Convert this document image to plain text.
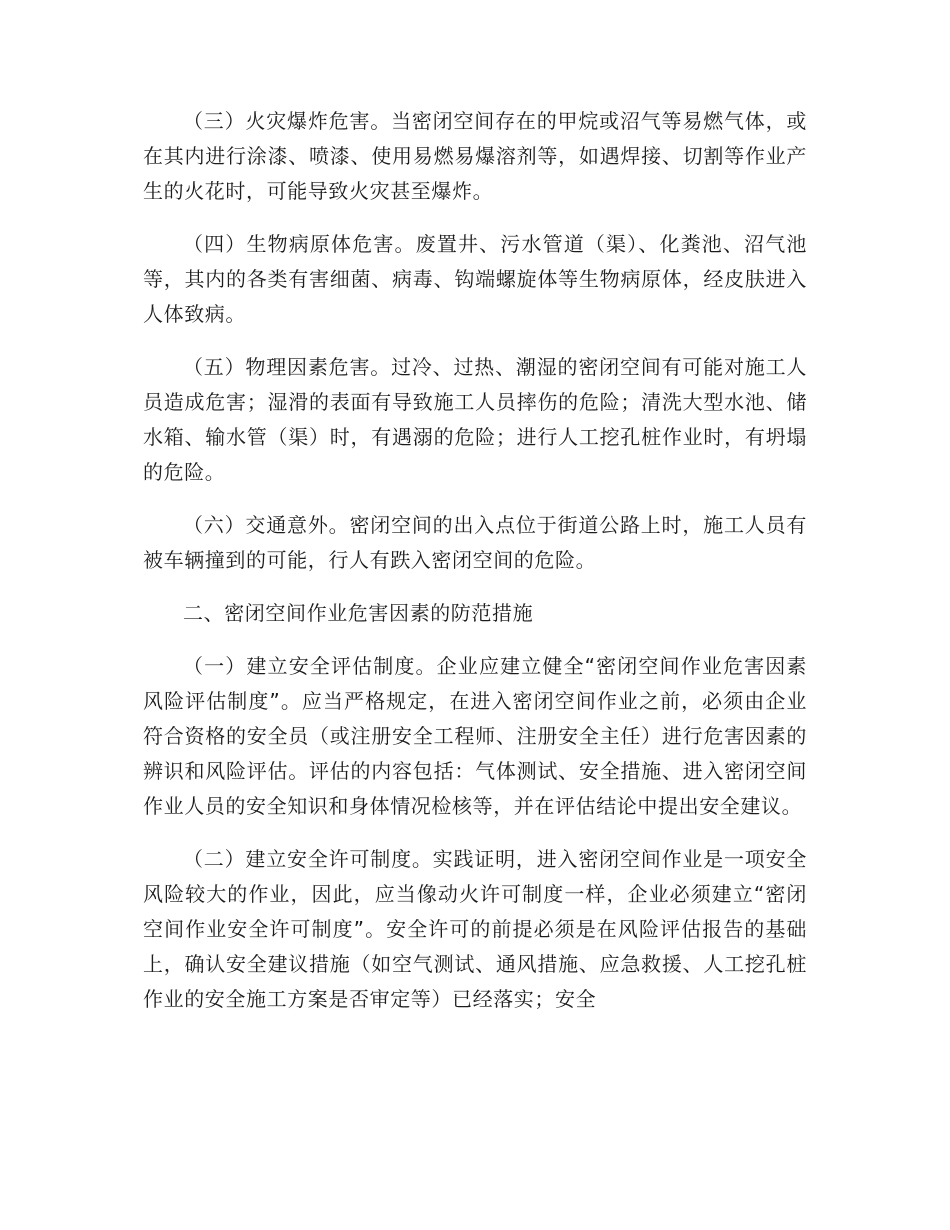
（三）火灾爆炸危害。当密闭空间存在的甲烷或沼气等易燃气体，或在其内进行涂漆、喷漆、使用易燃易爆溶剂等，如遇焊接、切割等作业产生的火花时，可能导致火灾甚至爆炸。

（四）生物病原体危害。废置井、污水管道（渠）、化粪池、沼气池等，其内的各类有害细菌、病毒、钩端螺旋体等生物病原体，经皮肤进入人体致病。

（五）物理因素危害。过冷、过热、潮湿的密闭空间有可能对施工人员造成危害；湿滑的表面有导致施工人员摔伤的危险；清洗大型水池、储水箱、输水管（渠）时，有遇溺的危险；进行人工挖孔桩作业时，有坍塌的危险。

（六）交通意外。密闭空间的出入点位于街道公路上时，施工人员有被车辆撞到的可能，行人有跌入密闭空间的危险。

二、密闭空间作业危害因素的防范措施

（一）建立安全评估制度。企业应建立健全“密闭空间作业危害因素风险评估制度”。应当严格规定，在进入密闭空间作业之前，必须由企业符合资格的安全员（或注册安全工程师、注册安全主任）进行危害因素的辨识和风险评估。评估的内容包括：气体测试、安全措施、进入密闭空间作业人员的安全知识和身体情况检核等，并在评估结论中提出安全建议。

（二）建立安全许可制度。实践证明，进入密闭空间作业是一项安全风险较大的作业，因此，应当像动火许可制度一样，企业必须建立“密闭空间作业安全许可制度”。安全许可的前提必须是在风险评估报告的基础上，确认安全建议措施（如空气测试、通风措施、应急救援、人工挖孔桩作业的安全施工方案是否审定等）已经落实；安全
